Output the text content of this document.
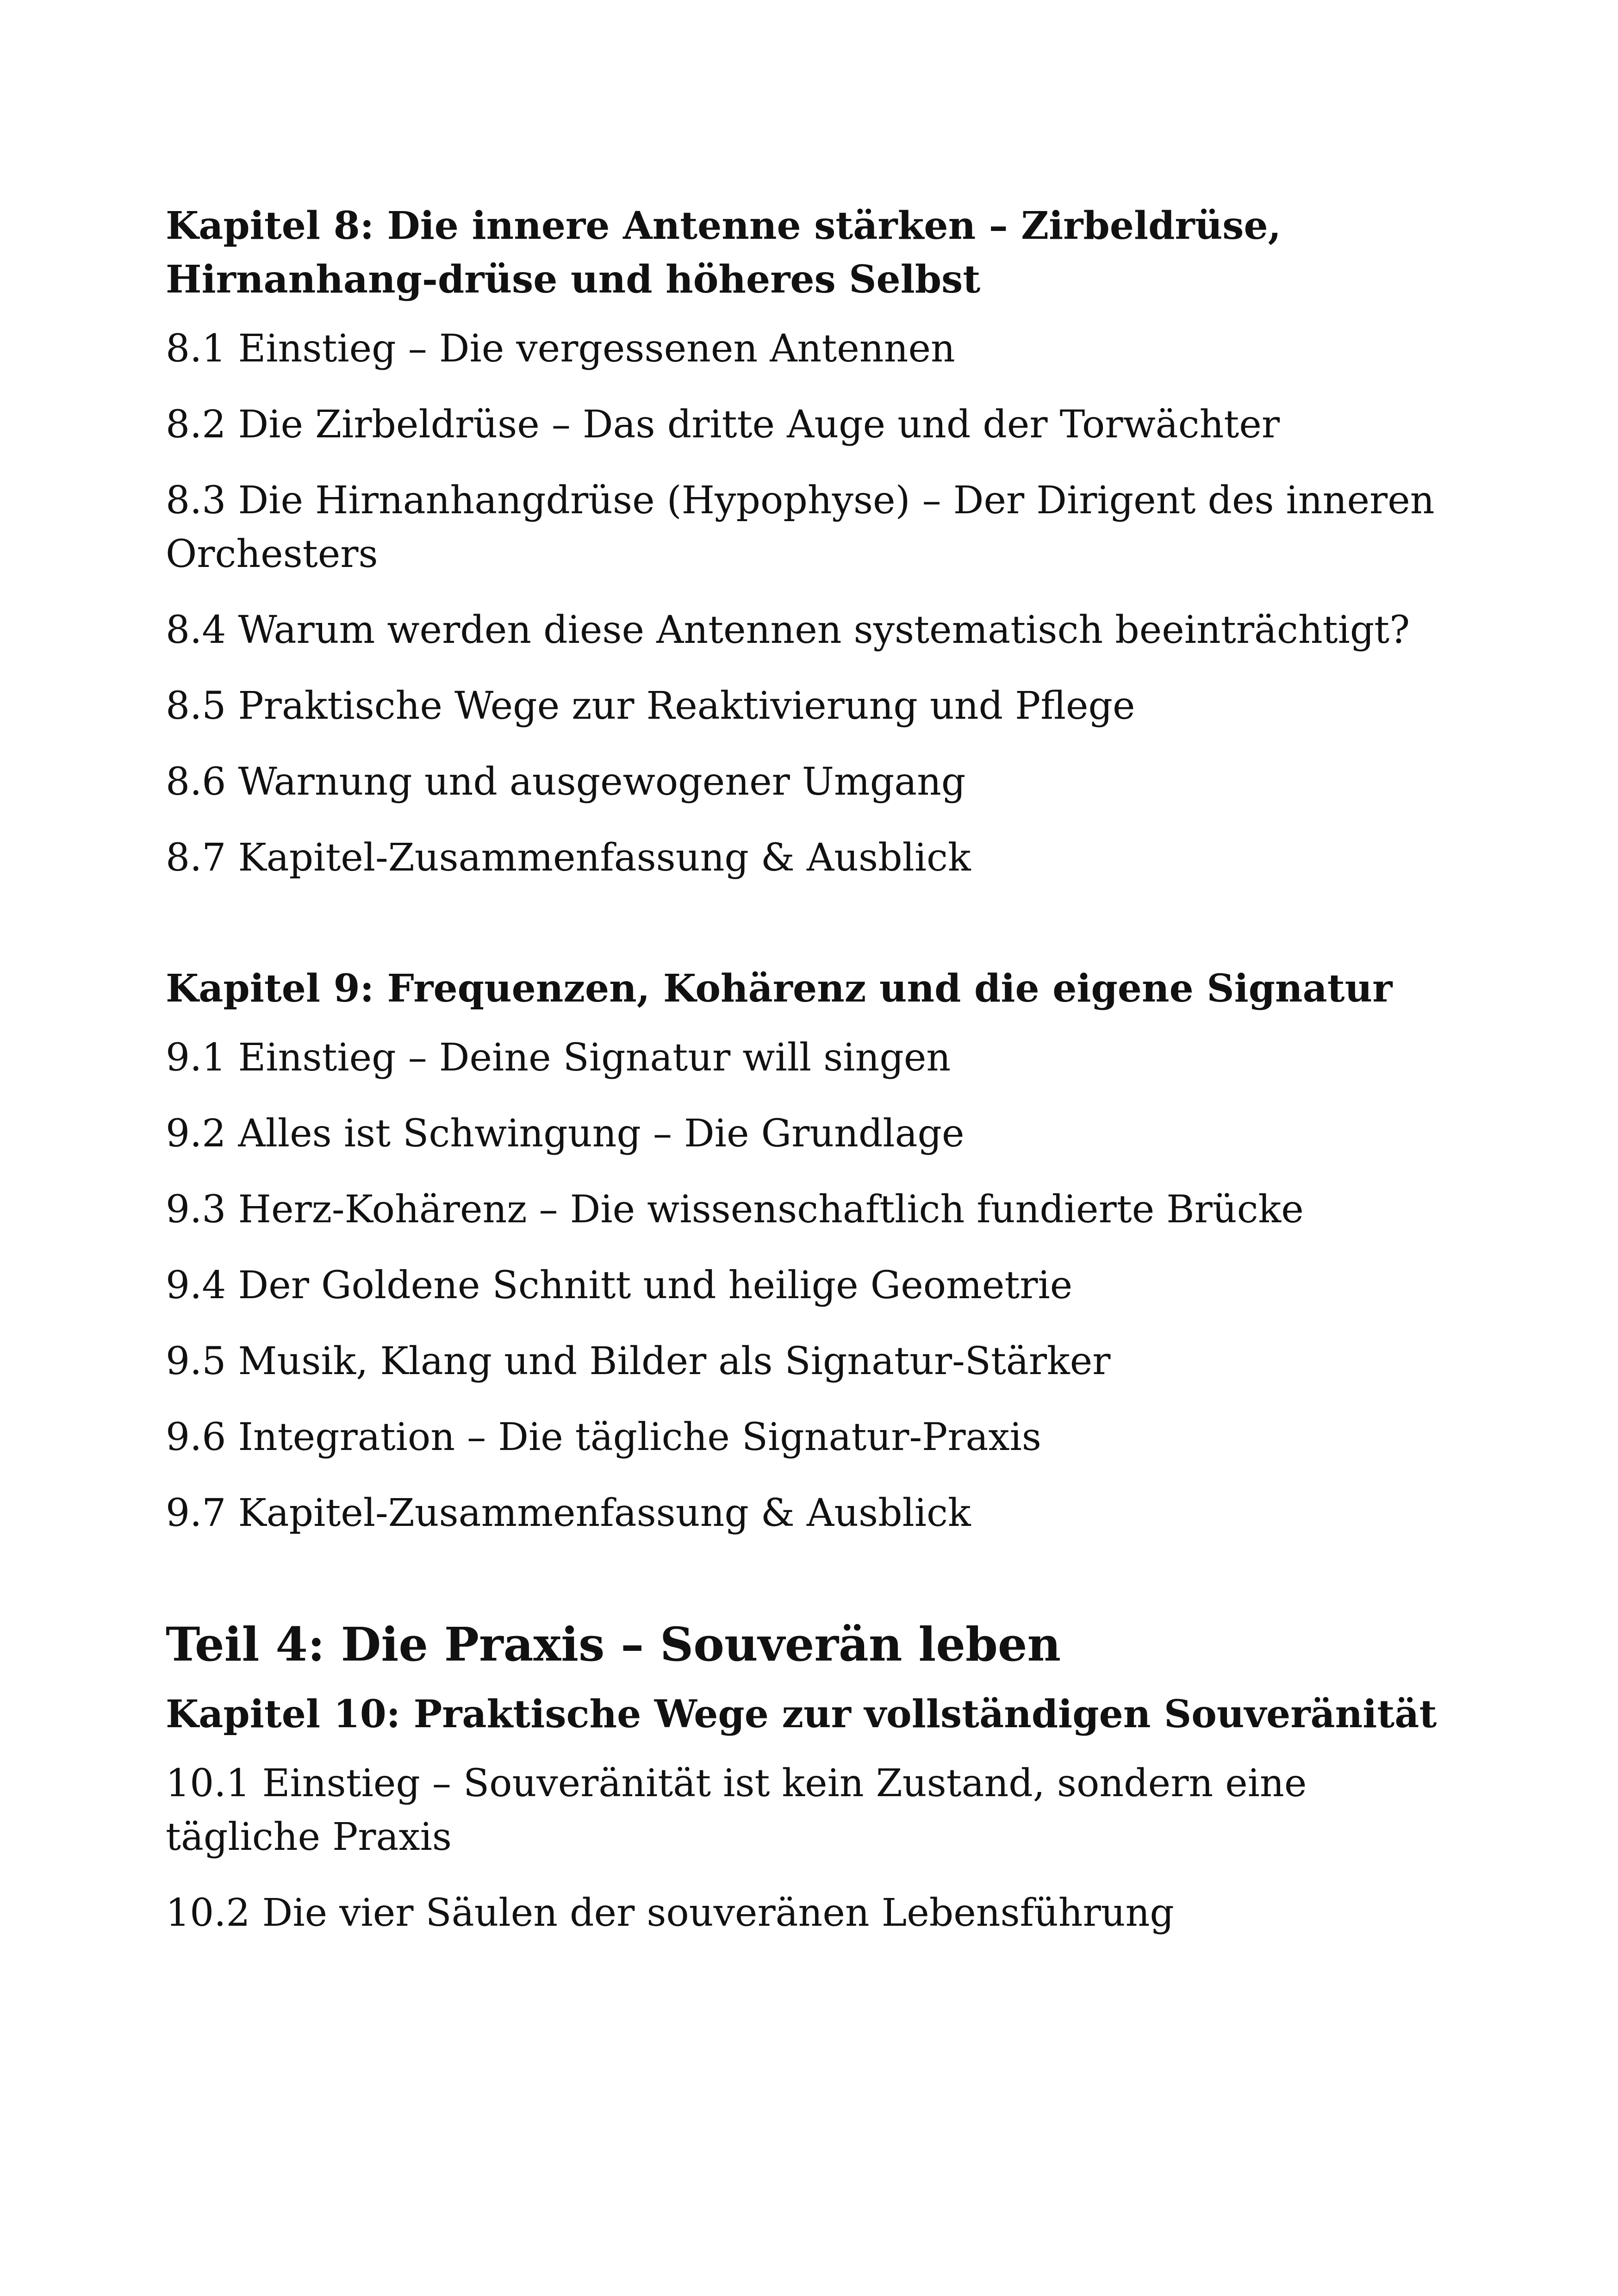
Kapitel 8: Die innere Antenne stärken – Zirbeldrüse, Hirnanhang-drüse und höheres Selbst
8.1 Einstieg – Die vergessenen Antennen
8.2 Die Zirbeldrüse – Das dritte Auge und der Torwächter
8.3 Die Hirnanhangdrüse (Hypophyse) – Der Dirigent des inneren Orchesters
8.4 Warum werden diese Antennen systematisch beeinträchtigt?
8.5 Praktische Wege zur Reaktivierung und Pflege
8.6 Warnung und ausgewogener Umgang
8.7 Kapitel-Zusammenfassung & Ausblick
Kapitel 9: Frequenzen, Kohärenz und die eigene Signatur
9.1 Einstieg – Deine Signatur will singen
9.2 Alles ist Schwingung – Die Grundlage
9.3 Herz-Kohärenz – Die wissenschaftlich fundierte Brücke
9.4 Der Goldene Schnitt und heilige Geometrie
9.5 Musik, Klang und Bilder als Signatur-Stärker
9.6 Integration – Die tägliche Signatur-Praxis
9.7 Kapitel-Zusammenfassung & Ausblick
Teil 4: Die Praxis – Souverän leben
Kapitel 10: Praktische Wege zur vollständigen Souveränität
10.1 Einstieg – Souveränität ist kein Zustand, sondern eine tägliche Praxis
10.2 Die vier Säulen der souveränen Lebensführung
